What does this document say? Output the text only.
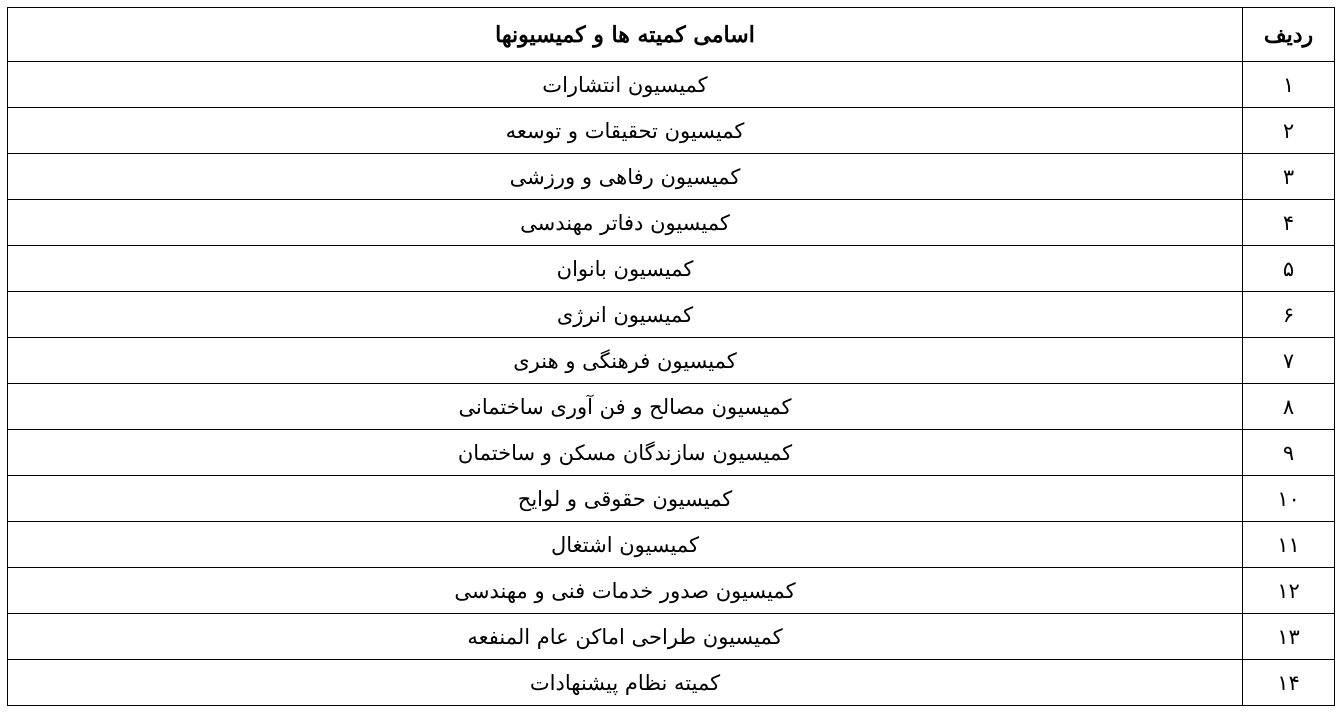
ردیف	اسامی کمیته ها و کمیسیونها
۱	کمیسیون انتشارات
۲	کمیسیون تحقیقات و توسعه
۳	کمیسیون رفاهی و ورزشی
۴	کمیسیون دفاتر مهندسی
۵	کمیسیون بانوان
۶	کمیسیون انرژی
۷	کمیسیون فرهنگی و هنری
۸	کمیسیون مصالح و فن آوری ساختمانی
۹	کمیسیون سازندگان مسکن و ساختمان
۱۰	کمیسیون حقوقی و لوایح
۱۱	کمیسیون اشتغال
۱۲	کمیسیون صدور خدمات فنی و مهندسی
۱۳	کمیسیون طراحی اماکن عام المنفعه
۱۴	کمیته نظام پیشنهادات
